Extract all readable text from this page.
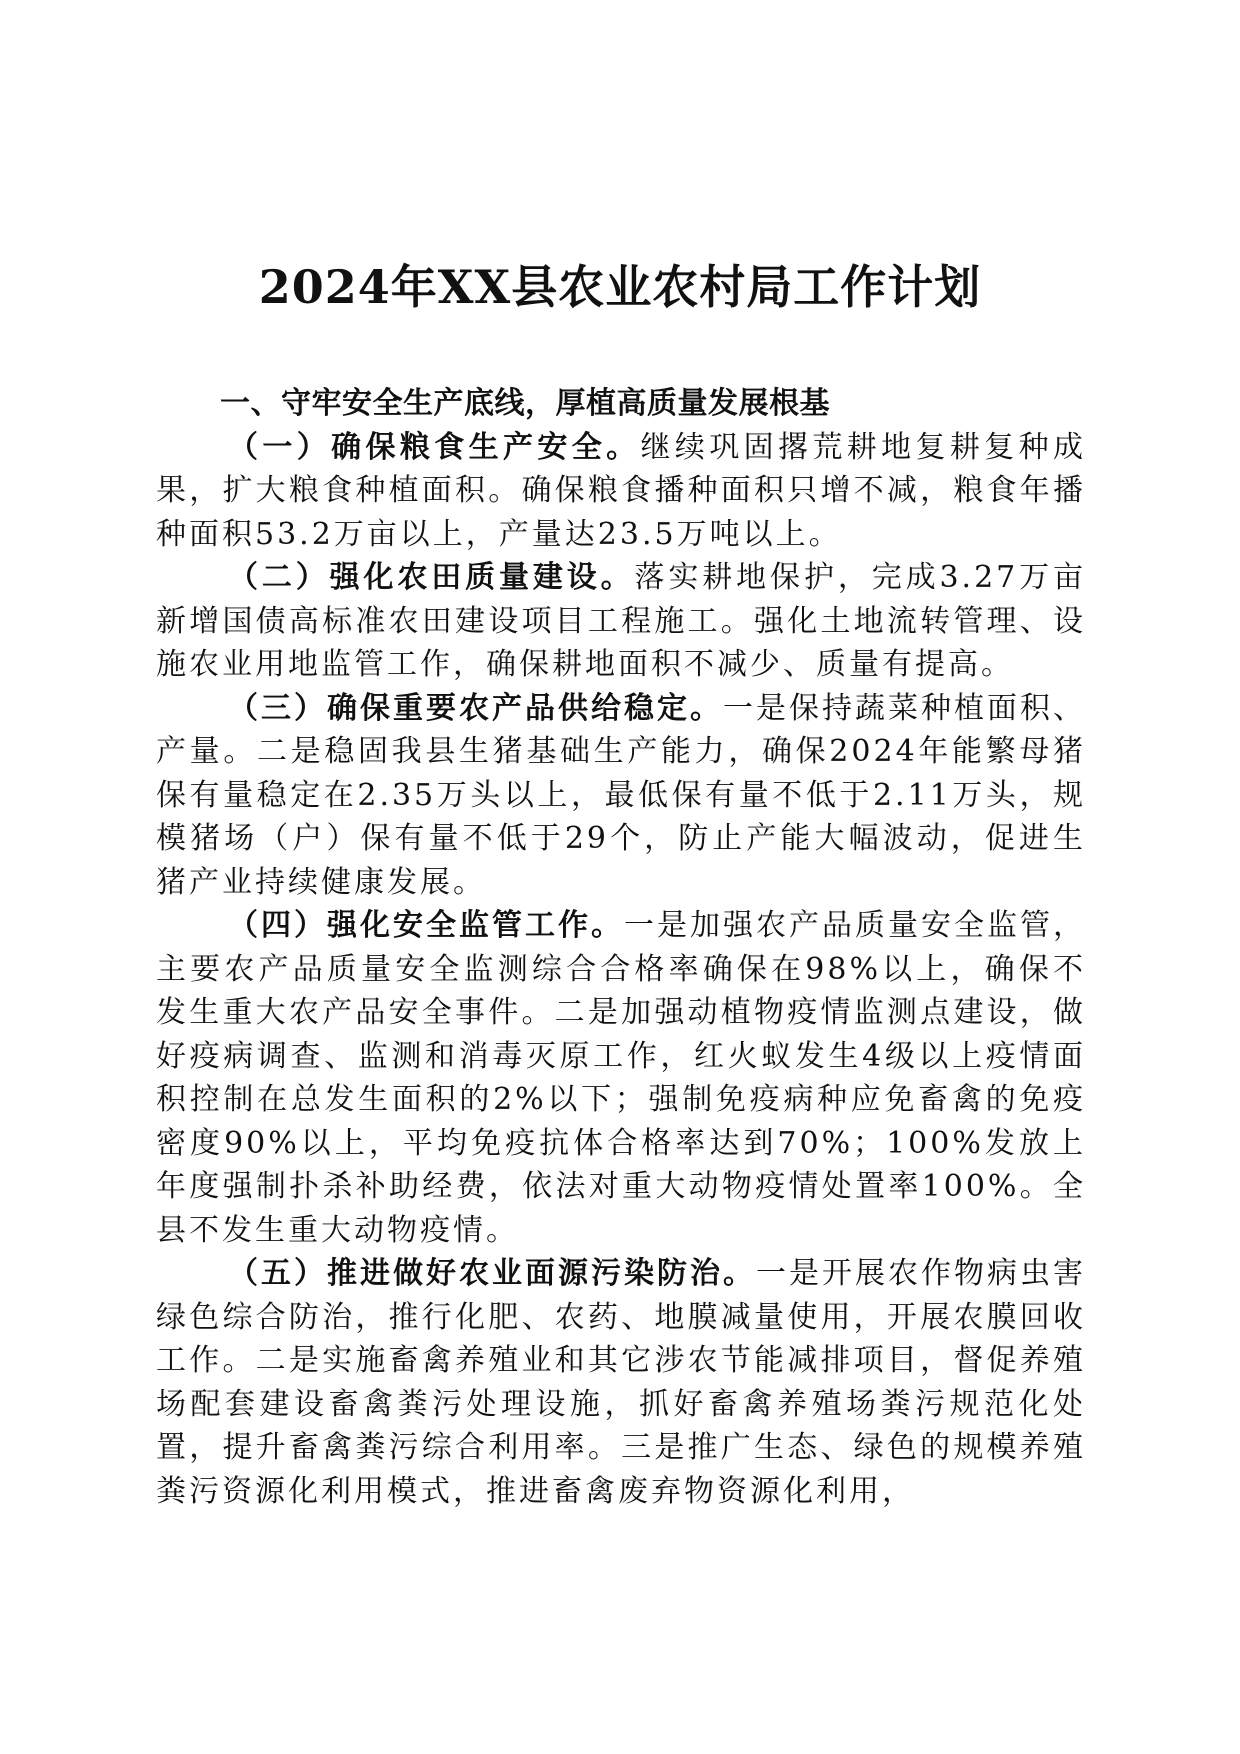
2024年XX县农业农村局工作计划
一、守牢安全生产底线，厚植高质量发展根基

（一）确保粮食生产安全。继续巩固撂荒耕地复耕复种成果，扩大粮食种植面积。确保粮食播种面积只增不减，粮食年播种面积53.2万亩以上，产量达23.5万吨以上。

（二）强化农田质量建设。落实耕地保护，完成3.27万亩新增国债高标准农田建设项目工程施工。强化土地流转管理、设施农业用地监管工作，确保耕地面积不减少、质量有提高。

（三）确保重要农产品供给稳定。一是保持蔬菜种植面积、产量。二是稳固我县生猪基础生产能力，确保2024年能繁母猪保有量稳定在2.35万头以上，最低保有量不低于2.11万头，规模猪场（户）保有量不低于29个，防止产能大幅波动，促进生猪产业持续健康发展。

（四）强化安全监管工作。一是加强农产品质量安全监管，主要农产品质量安全监测综合合格率确保在98%以上，确保不发生重大农产品安全事件。二是加强动植物疫情监测点建设，做好疫病调查、监测和消毒灭原工作，红火蚁发生4级以上疫情面积控制在总发生面积的2%以下；强制免疫病种应免畜禽的免疫密度90%以上，平均免疫抗体合格率达到70%；100%发放上年度强制扑杀补助经费，依法对重大动物疫情处置率100%。全县不发生重大动物疫情。

（五）推进做好农业面源污染防治。一是开展农作物病虫害绿色综合防治，推行化肥、农药、地膜减量使用，开展农膜回收工作。二是实施畜禽养殖业和其它涉农节能减排项目，督促养殖场配套建设畜禽粪污处理设施，抓好畜禽养殖场粪污规范化处置，提升畜禽粪污综合利用率。三是推广生态、绿色的规模养殖粪污资源化利用模式，推进畜禽废弃物资源化利用，
